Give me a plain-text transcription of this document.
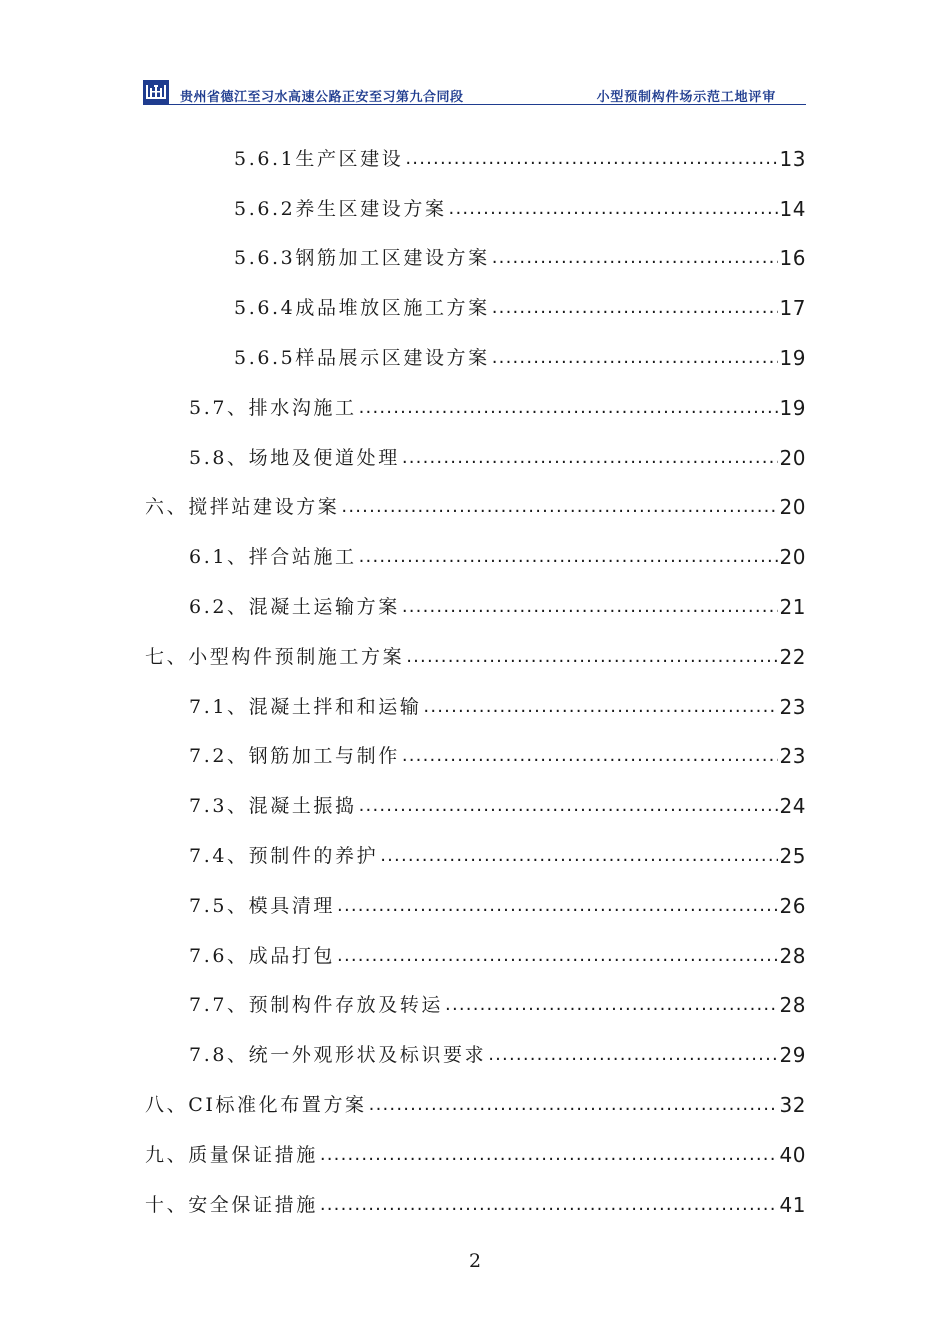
贵州省德江至习水高速公路正安至习第九合同段	小型预制构件场示范工地评审
5.6.1生产区建设 .....	13
5.6.2养生区建设方案 .....	14
5.6.3钢筋加工区建设方案 .....	16
5.6.4成品堆放区施工方案 .....	17
5.6.5样品展示区建设方案 .....	19
5.7、排水沟施工 .....	19
5.8、场地及便道处理 .....	20
六、搅拌站建设方案 .....	20
6.1、拌合站施工 .....	20
6.2、混凝土运输方案 .....	21
七、小型构件预制施工方案 .....	22
7.1、混凝土拌和和运输 .....	23
7.2、钢筋加工与制作 .....	23
7.3、混凝土振捣 .....	24
7.4、预制件的养护 .....	25
7.5、模具清理 .....	26
7.6、成品打包 .....	28
7.7、预制构件存放及转运 .....	28
7.8、统一外观形状及标识要求 .....	29
八、CI标准化布置方案 .....	32
九、质量保证措施 .....	40
十、安全保证措施 .....	41
2
